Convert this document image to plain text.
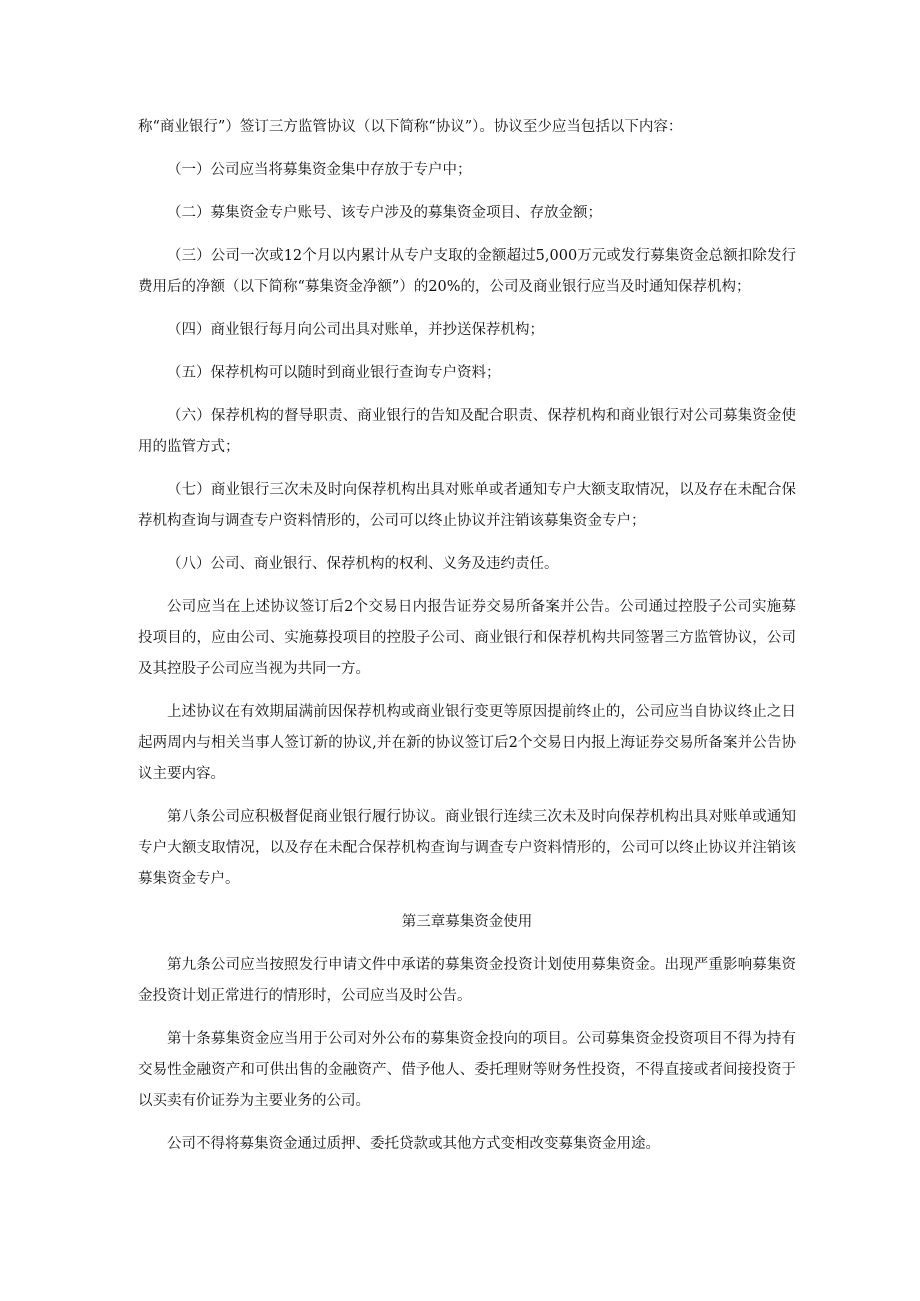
称“商业银行”）签订三方监管协议（以下简称“协议”）。协议至少应当包括以下内容：

（一）公司应当将募集资金集中存放于专户中；

（二）募集资金专户账号、该专户涉及的募集资金项目、存放金额；

（三）公司一次或12个月以内累计从专户支取的金额超过5,000万元或发行募集资金总额扣除发行费用后的净额（以下简称“募集资金净额”）的20%的，公司及商业银行应当及时通知保荐机构；

（四）商业银行每月向公司出具对账单，并抄送保荐机构；

（五）保荐机构可以随时到商业银行查询专户资料；

（六）保荐机构的督导职责、商业银行的告知及配合职责、保荐机构和商业银行对公司募集资金使用的监管方式；

（七）商业银行三次未及时向保荐机构出具对账单或者通知专户大额支取情况，以及存在未配合保荐机构查询与调查专户资料情形的，公司可以终止协议并注销该募集资金专户；

（八）公司、商业银行、保荐机构的权利、义务及违约责任。

公司应当在上述协议签订后2个交易日内报告证券交易所备案并公告。公司通过控股子公司实施募投项目的，应由公司、实施募投项目的控股子公司、商业银行和保荐机构共同签署三方监管协议，公司及其控股子公司应当视为共同一方。

上述协议在有效期届满前因保荐机构或商业银行变更等原因提前终止的，公司应当自协议终止之日起两周内与相关当事人签订新的协议,并在新的协议签订后2个交易日内报上海证券交易所备案并公告协议主要内容。

第八条公司应积极督促商业银行履行协议。商业银行连续三次未及时向保荐机构出具对账单或通知专户大额支取情况，以及存在未配合保荐机构查询与调查专户资料情形的，公司可以终止协议并注销该募集资金专户。

第三章募集资金使用

第九条公司应当按照发行申请文件中承诺的募集资金投资计划使用募集资金。出现严重影响募集资金投资计划正常进行的情形时，公司应当及时公告。

第十条募集资金应当用于公司对外公布的募集资金投向的项目。公司募集资金投资项目不得为持有交易性金融资产和可供出售的金融资产、借予他人、委托理财等财务性投资，不得直接或者间接投资于以买卖有价证券为主要业务的公司。

公司不得将募集资金通过质押、委托贷款或其他方式变相改变募集资金用途。
